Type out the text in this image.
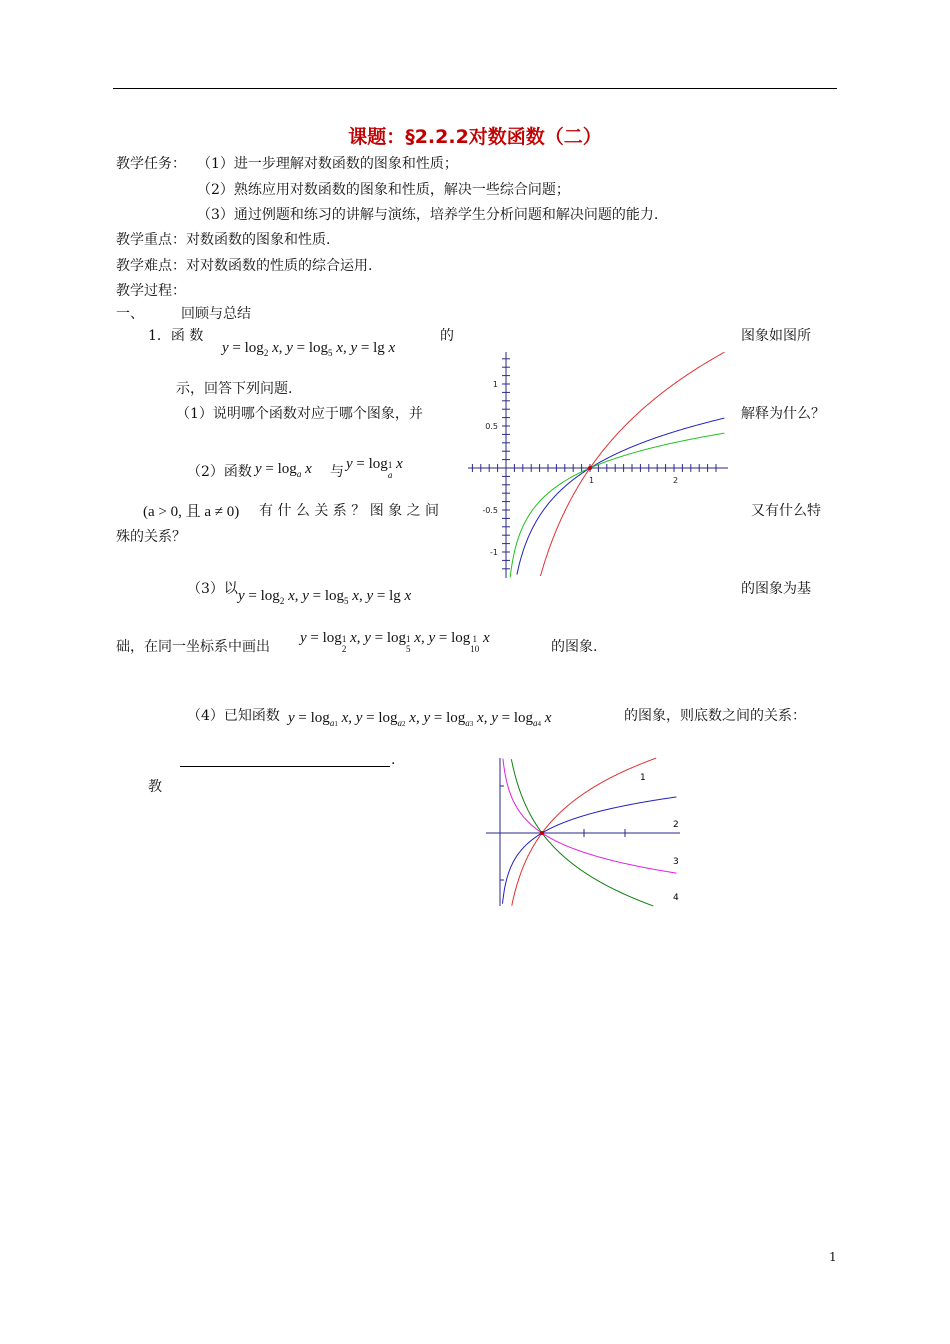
课题：§2.2.2对数函数（二）
教学任务： （1）进一步理解对数函数的图象和性质；
（2）熟练应用对数函数的图象和性质，解决一些综合问题；
（3）通过例题和练习的讲解与演练，培养学生分析问题和解决问题的能力.
教学重点：对数函数的图象和性质.
教学难点：对对数函数的性质的综合运用.
教学过程：
一、	回顾与总结
1．函 数
$y = \log_2 x$, $y = \log_5 x$, y = lg x
的	图象如图所
示，回答下列问题.
（1）说明哪个函数对应于哪个图象，并	解释为什么？
（2）函数 $y = \log_a x$ 与 y = log 1
a
x
(a > 0, 且 a ≠ 0) 有 什 么 关 系 ？ 图 象 之 间	又有什么特
殊的关系？
（3）以 $y = \log_2 x$, $y = \log_5 x$, y = lg x	的图象为基
础，在同一坐标系中画出
y = log 1
2
x, y = log 1
5
x, y = log 1
10
x
的图象.
（4）已知函数 $y = \log_{a1} x$, $y = \log_{a2} x$, $y = \log_{a3} x$, $y = \log_{a4} x$	的图象，则底数之间的关系：
.
教
1
0.5
-0.5
-1
1	2
1
2
3
4
1
